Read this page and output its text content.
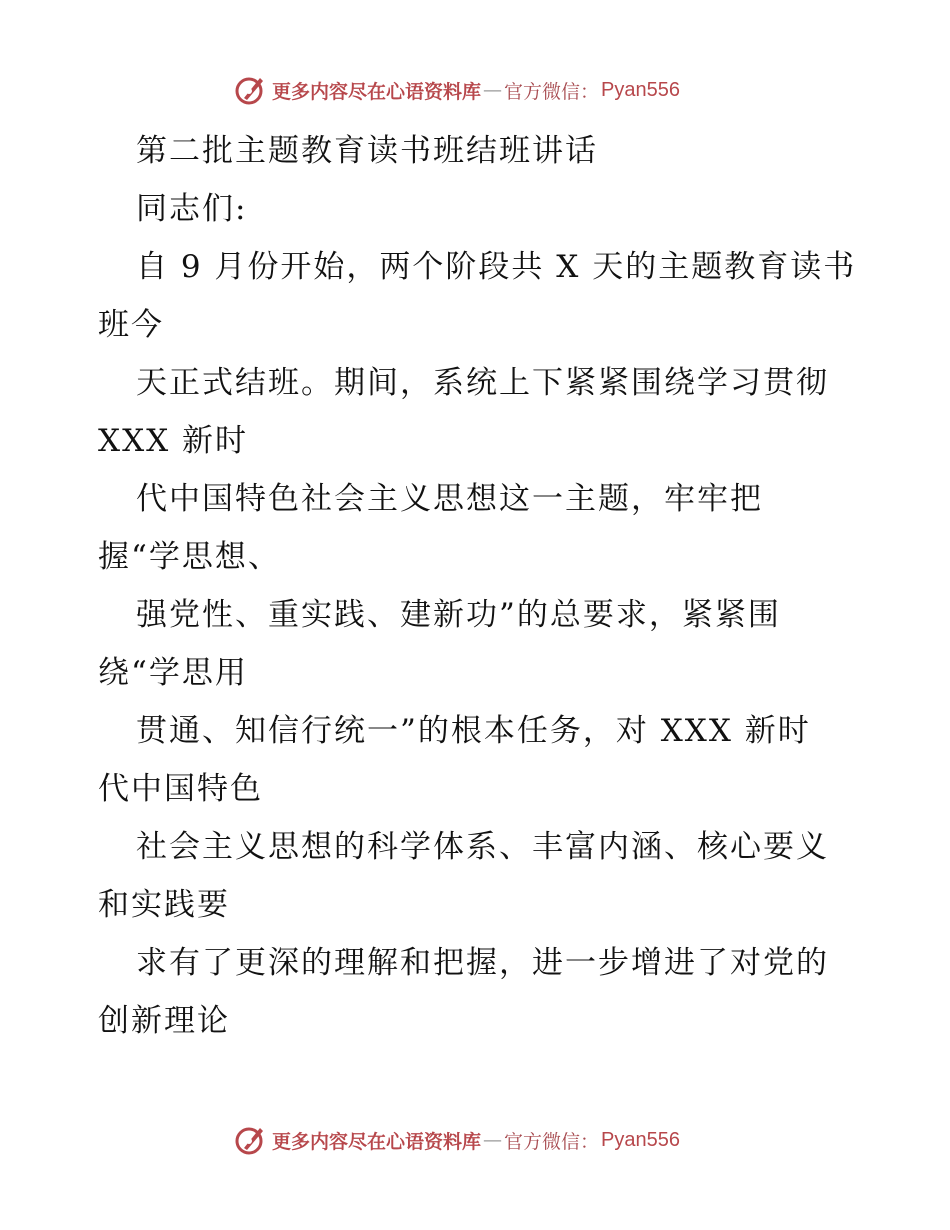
更多内容尽在心语资料库 — 官方微信： Pyan556
第二批主题教育读书班结班讲话
同志们:
自 9 月份开始，两个阶段共 X 天的主题教育读书
班今
天正式结班。期间，系统上下紧紧围绕学习贯彻
XXX 新时
代中国特色社会主义思想这一主题，牢牢把
握“学思想、
强党性、重实践、建新功”的总要求，紧紧围
绕“学思用
贯通、知信行统一”的根本任务，对 XXX 新时
代中国特色
社会主义思想的科学体系、丰富内涵、核心要义
和实践要
求有了更深的理解和把握，进一步增进了对党的
创新理论
更多内容尽在心语资料库 — 官方微信： Pyan556
